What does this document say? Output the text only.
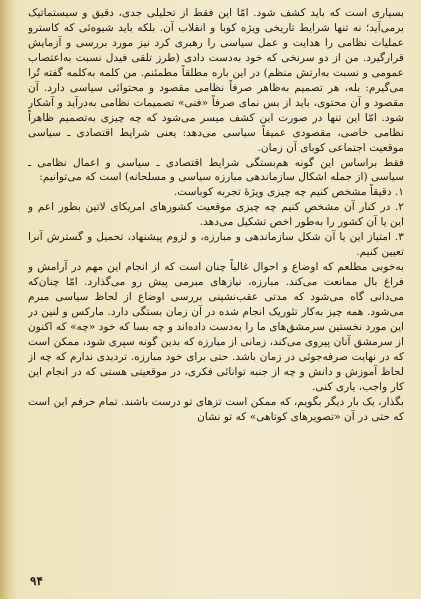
بسیاری است که باید کشف شود. امّا این فقط از تحلیلی جدی، دقیق و سیستماتیک برمی‌آید؛ نه تنها شرایط تاریخی ویژه کوبا و انقلاب آن. بلکه باید شیوه‌ئی که کاسترو عملیات نظامی را هدایت و عمل سیاسی را رهبری کرد نیز مورد بررسی و آزمایش قرارگیرد. من از دو سرنخی که خود به‌دست دادی (طرز تلقی فیدل نسبت به‌اعتصاب عمومی و نسبت به‌ارتش منظم) در این باره مطلقاً مطمئنم. من کلمه به‌کلمه گفته تُرا می‌گیرم: بله، هر تصمیم به‌ظاهر صرفاً نظامی مقصود و محتوائی سیاسی دارد. آن مقصود و آن محتوی، باید از بس نمای صرفاً «فنی» تصمیمات نظامی به‌درآید و آشکار شود. امّا این تنها در صورت این کشف میسر می‌شود که چه چیزی به‌تصمیم ظاهراً نظامی خاصی، مقصودی عمیقاً سیاسی می‌دهد: یعنی شرایط اقتصادی ـ سیاسی موقعیت اجتماعی کوبای آن زمان.

فقط براساس این گونه هم‌بستگی شرایط اقتصادی ـ سیاسی و اعمال نظامی ـ سیاسی (از جمله اشکال سازماندهی مبارزه سیاسی و مسلحانه) است که می‌توانیم:

۱. دقیقاً مشخص کنیم چه چیزی ویژهٔ تجربه کوباست.

۲. در کنار آن مشخص کنیم چه چیزی موقعیت کشورهای امریکای لاتین بطور اعم و این یا آن کشور را به‌طور اخص تشکیل می‌دهد.

۳. امتیاز این یا آن شکل سازماندهی و مبارزه، و لزوم پیشنهاد، تحمیل و گسترش آنرا تعیین کنیم.

به‌خوبی مطلعم که اوضاع و احوال غالباً چنان است که از انجام این مهم در آرامش و فراغ بال ممانعت می‌کند. مبارزه، نیازهای مبرمی پیش رو می‌گذارد. امّا چنان‌که می‌دانی گاه می‌شود که مدتی عقب‌نشینی بررسی اوضاع از لحاظ سیاسی مبرم می‌شود. همه چیز به‌کار تئوریک انجام شده در آن زمان بستگی دارد. مارکس و لنین در این مورد نخستین سرمشق‌های ما را به‌دست داده‌اند و چه بسا که خود «چه» که اکنون از سرمشق آنان پیروی می‌کند، زمانی از مبارزه که بدین گونه سپری شود، ممکن است که در نهایت صرفه‌جوئی در زمان باشد. حتی برای خود مبارزه. تردیدی ندارم که چه از لحاظ آموزش و دانش و چه از جنبه توانائی فکری، در موقعیتی هستی که در انجام این کار واجب، یاری کنی.

بگذار، یک بار دیگر بگویم، که ممکن است تزهای تو درست باشند. تمام حرفم این است که حتی در آن «تصویرهای کوتاهی» که تو نشان

۹۴
